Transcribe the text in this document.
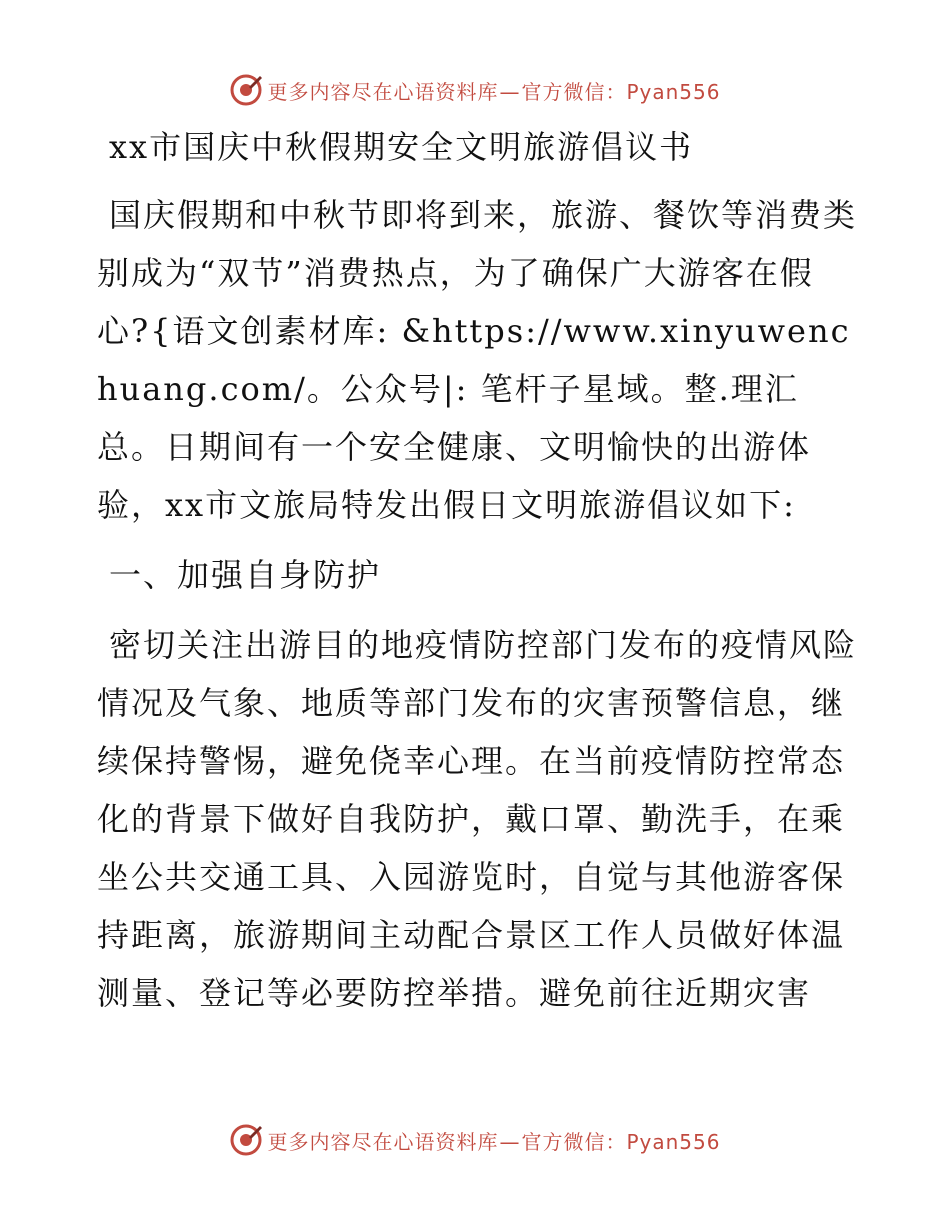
更多内容尽在心语资料库—官方微信：Pyan556

xx市国庆中秋假期安全文明旅游倡议书

国庆假期和中秋节即将到来，旅游、餐饮等消费类别成为“双节”消费热点，为了确保广大游客在假心?{语文创素材库: &https://www.xinyuwenchuang.com/。公众号|: 笔杆子星域。整.理汇总。日期间有一个安全健康、文明愉快的出游体验，xx市文旅局特发出假日文明旅游倡议如下:

一、加强自身防护

密切关注出游目的地疫情防控部门发布的疫情风险情况及气象、地质等部门发布的灾害预警信息，继续保持警惕，避免侥幸心理。在当前疫情防控常态化的背景下做好自我防护，戴口罩、勤洗手，在乘坐公共交通工具、入园游览时，自觉与其他游客保持距离，旅游期间主动配合景区工作人员做好体温测量、登记等必要防控举措。避免前往近期灾害

更多内容尽在心语资料库—官方微信：Pyan556
